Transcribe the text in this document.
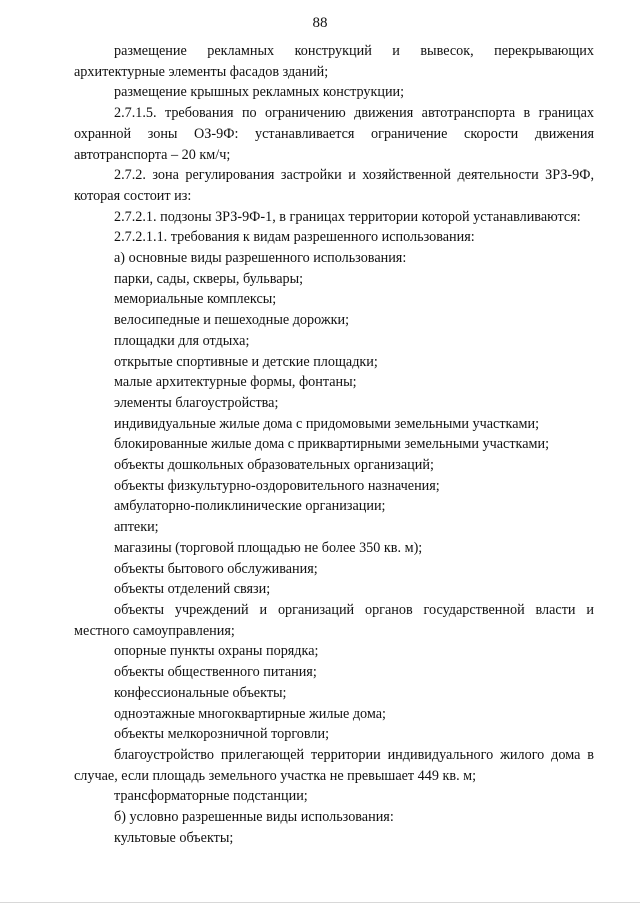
88

размещение рекламных конструкций и вывесок, перекрывающих архитектурные элементы фасадов зданий;

размещение крышных рекламных конструкции;

2.7.1.5. требования по ограничению движения автотранспорта в границах охранной зоны ОЗ-9Ф: устанавливается ограничение скорости движения автотранспорта – 20 км/ч;

2.7.2. зона регулирования застройки и хозяйственной деятельности ЗРЗ-9Ф, которая состоит из:

2.7.2.1. подзоны ЗРЗ-9Ф-1, в границах территории которой устанавливаются:

2.7.2.1.1. требования к видам разрешенного использования:

а) основные виды разрешенного использования:

парки, сады, скверы, бульвары;

мемориальные комплексы;

велосипедные и пешеходные дорожки;

площадки для отдыха;

открытые спортивные и детские площадки;

малые архитектурные формы, фонтаны;

элементы благоустройства;

индивидуальные жилые дома с придомовыми земельными участками;

блокированные жилые дома с приквартирными земельными участками;

объекты дошкольных образовательных организаций;

объекты физкультурно-оздоровительного назначения;

амбулаторно-поликлинические организации;

аптеки;

магазины (торговой площадью не более 350 кв. м);

объекты бытового обслуживания;

объекты отделений связи;

объекты учреждений и организаций органов государственной власти и местного самоуправления;

опорные пункты охраны порядка;

объекты общественного питания;

конфессиональные объекты;

одноэтажные многоквартирные жилые дома;

объекты мелкорозничной торговли;

благоустройство прилегающей территории индивидуального жилого дома в случае, если площадь земельного участка не превышает 449 кв. м;

трансформаторные подстанции;

б) условно разрешенные виды использования:

культовые объекты;
